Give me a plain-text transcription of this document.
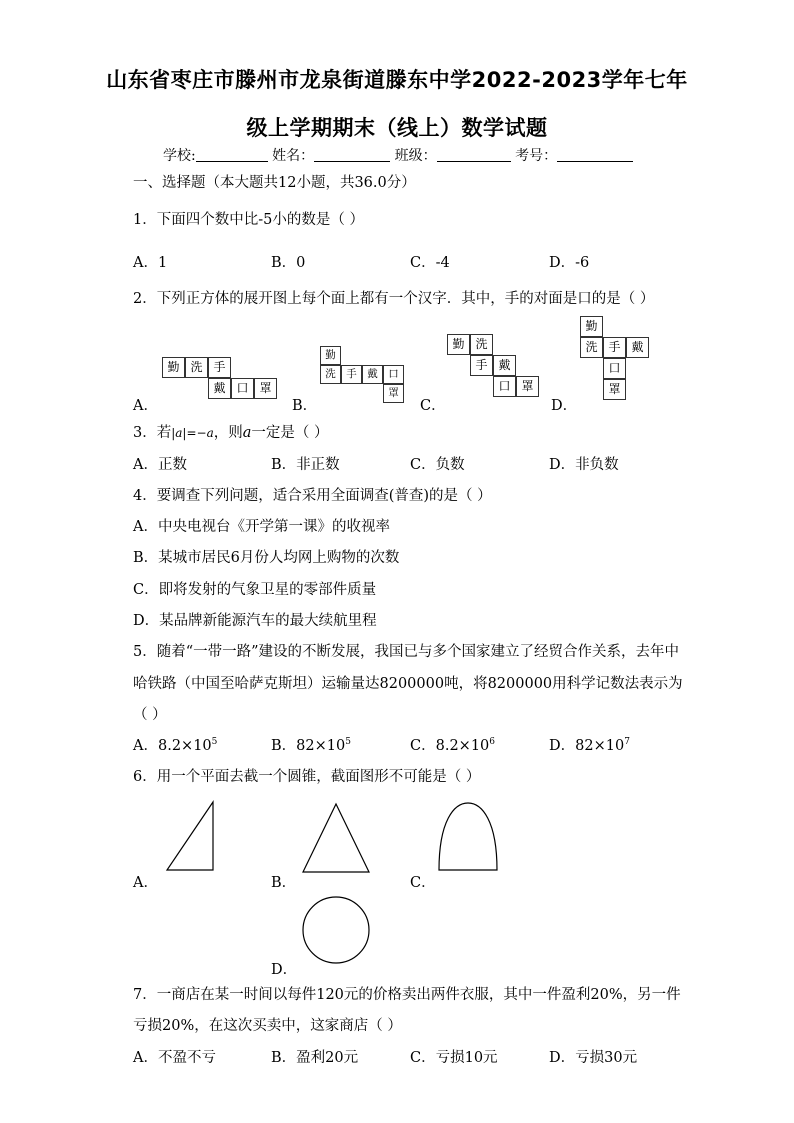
山东省枣庄市滕州市龙泉街道滕东中学2022-2023学年七年
级上学期期末（线上）数学试题
学校:	姓名：	班级：	考号：
一、选择题（本大题共12小题，共36.0分）
1．下面四个数中比-5小的数是（ ）
A．1	B．0	C．-4	D．-6
2．下列正方体的展开图上每个面上都有一个汉字．其中，手的对面是口的是（ ）
A．
勤 洗 手
戴 口 罩
B．
勤
洗	手	戴	口
罩
C．
勤 洗
手 戴
口 罩
D．
勤
洗 手 戴
口
罩
3．若|a|=−a，则a一定是（ ）
A．正数	B．非正数	C．负数	D．非负数
4．要调查下列问题，适合采用全面调查(普查)的是（ ）
A．中央电视台《开学第一课》的收视率
B．某城市居民6月份人均网上购物的次数
C．即将发射的气象卫星的零部件质量
D．某品牌新能源汽车的最大续航里程
5．随着“一带一路”建设的不断发展，我国已与多个国家建立了经贸合作关系，去年中
哈铁路（中国至哈萨克斯坦）运输量达8200000吨，将8200000用科学记数法表示为
（ ）
A．$8.2\times 10^5$	B．$82\times 10^5$	C．$8.2\times 10^6$	D．$82\times 10^7$
6．用一个平面去截一个圆锥，截面图形不可能是（ ）
A．	B．	C．
D．
7．一商店在某一时间以每件120元的价格卖出两件衣服，其中一件盈利20%，另一件
亏损20%，在这次买卖中，这家商店（ ）
A．不盈不亏	B．盈利20元	C．亏损10元	D．亏损30元
